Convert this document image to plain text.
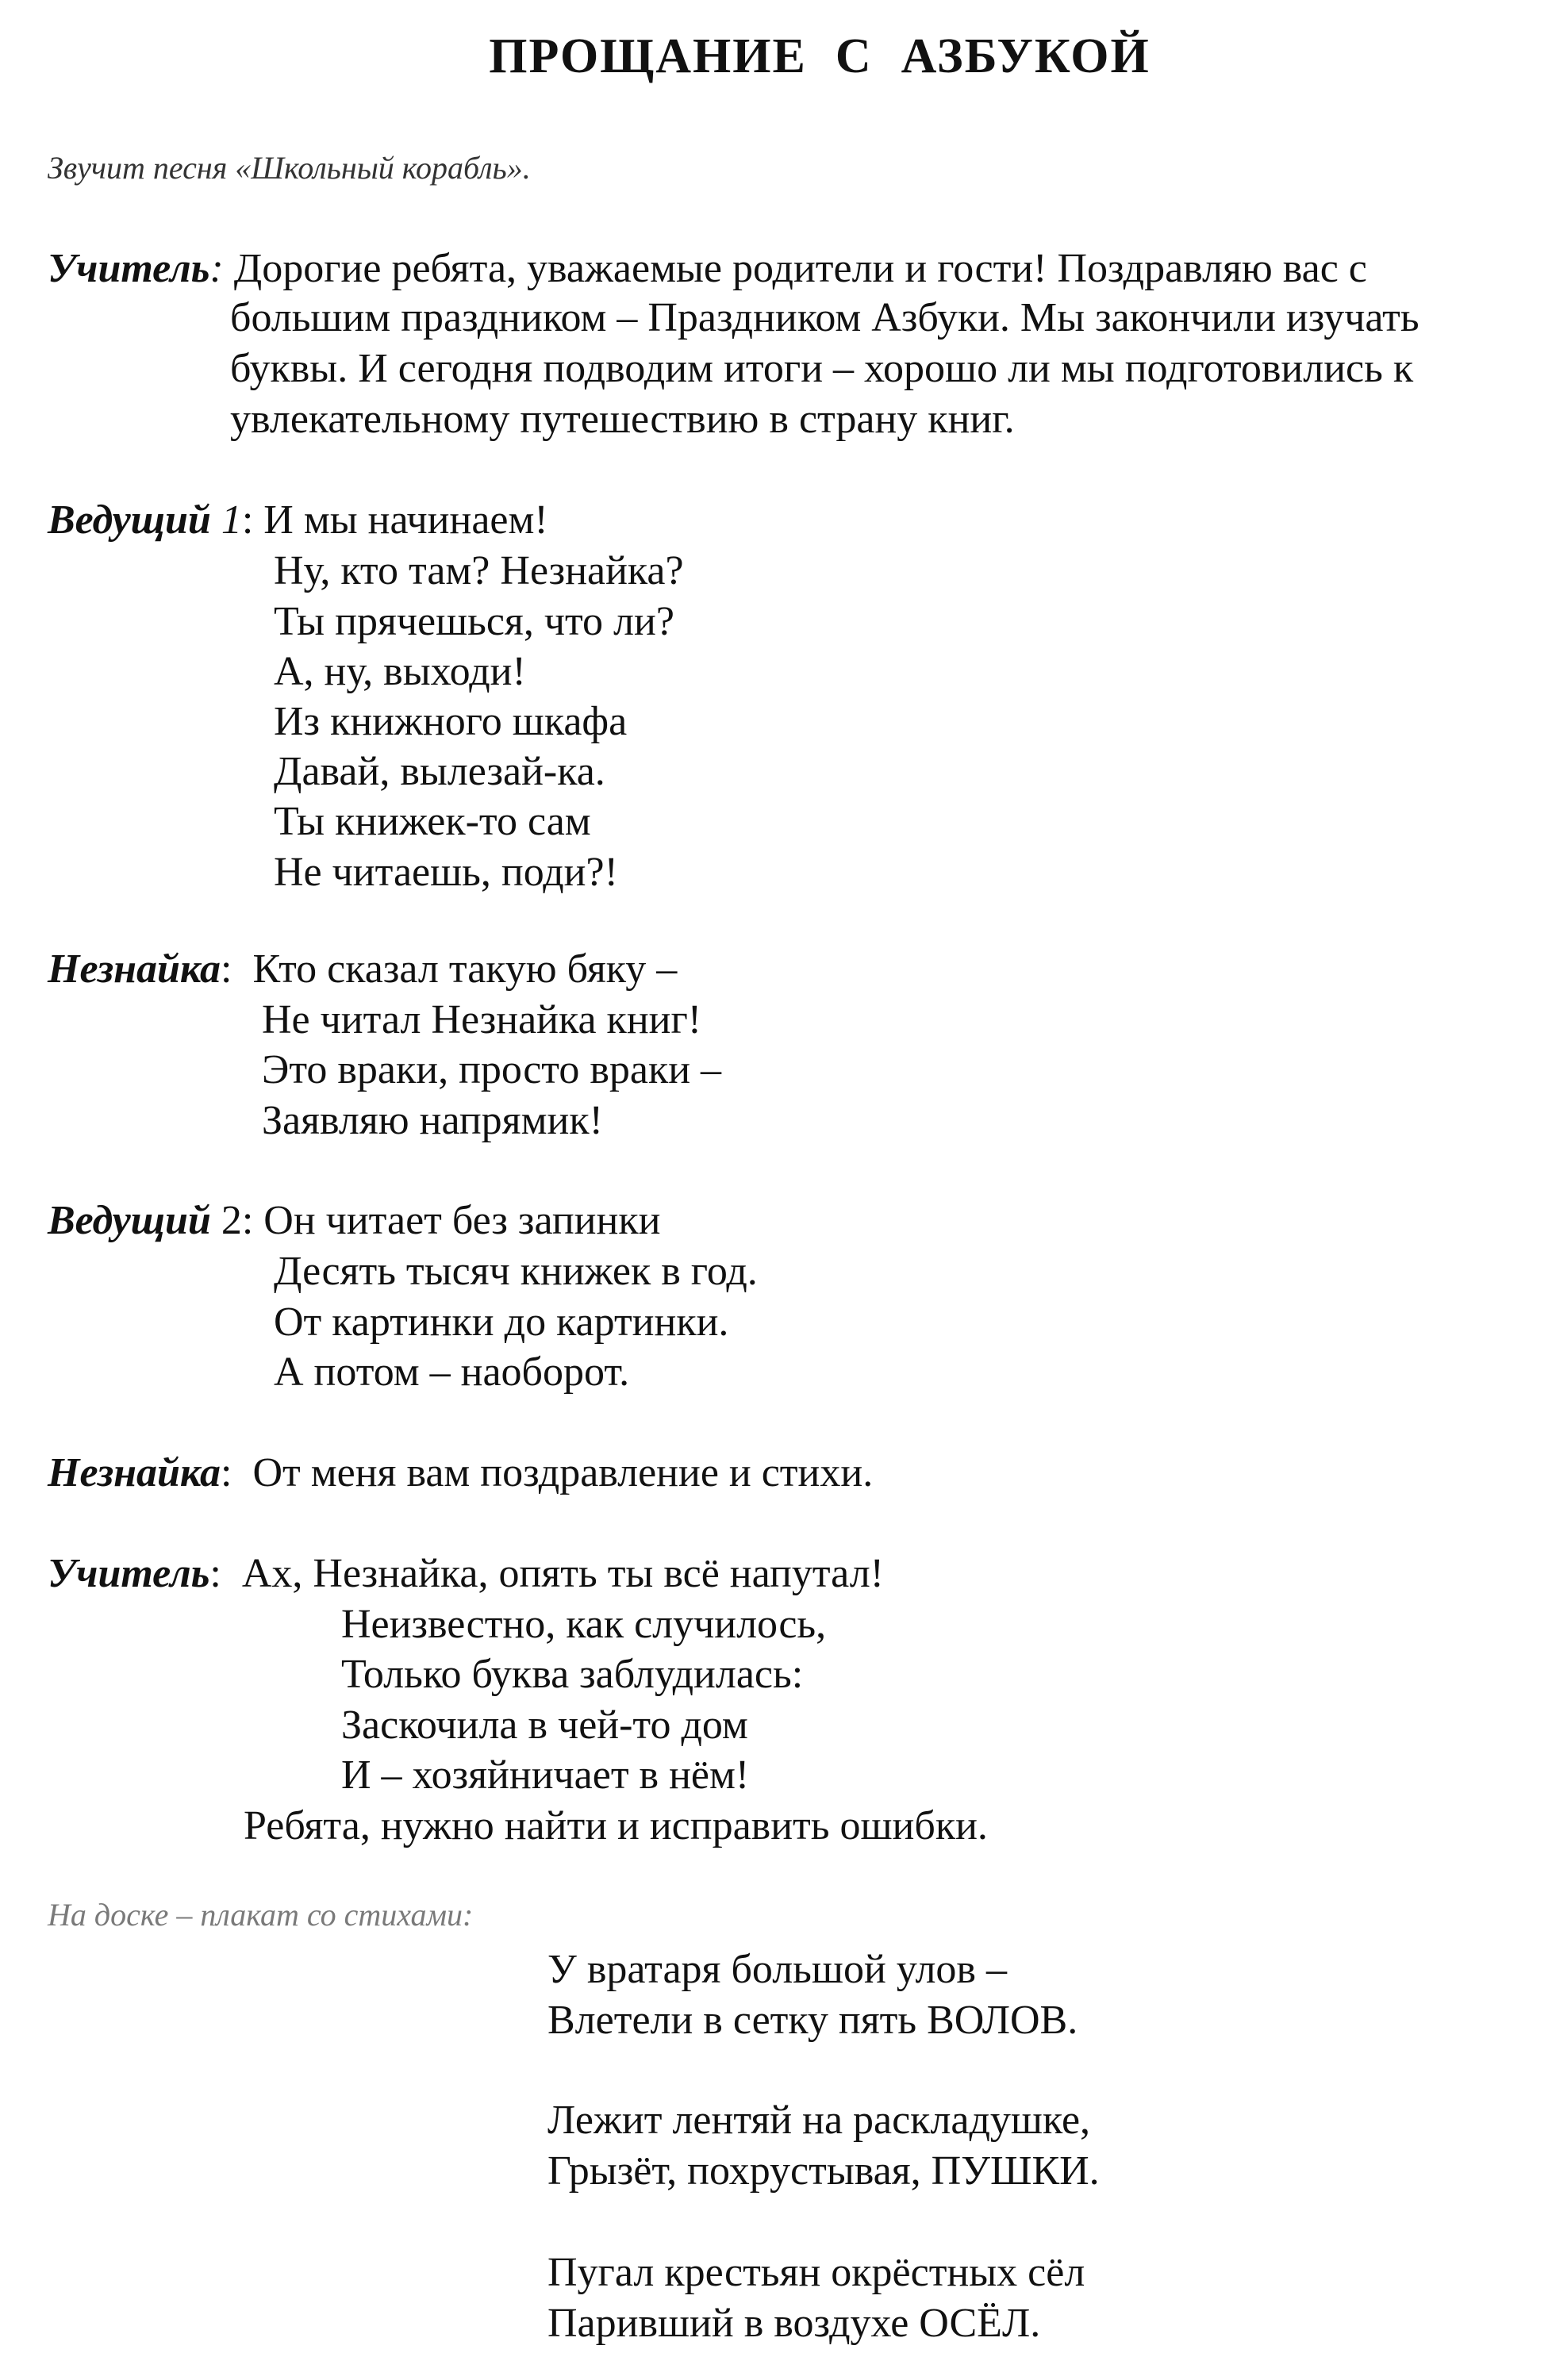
ПРОЩАНИЕ С АЗБУКОЙ
Звучит песня «Школьный корабль».
Учитель: Дорогие ребята, уважаемые родители и гости! Поздравляю вас с
большим праздником – Праздником Азбуки. Мы закончили изучать
буквы. И сегодня подводим итоги – хорошо ли мы подготовились к
увлекательному путешествию в страну книг.
Ведущий 1: И мы начинаем!
Ну, кто там? Незнайка?
Ты прячешься, что ли?
А, ну, выходи!
Из книжного шкафа
Давай, вылезай-ка.
Ты книжек-то сам
Не читаешь, поди?!
Незнайка:  Кто сказал такую бяку –
Не читал Незнайка книг!
Это враки, просто враки –
Заявляю напрямик!
Ведущий 2: Он читает без запинки
Десять тысяч книжек в год.
От картинки до картинки.
А потом – наоборот.
Незнайка:  От меня вам поздравление и стихи.
Учитель:  Ах, Незнайка, опять ты всё напутал!
Неизвестно, как случилось,
Только буква заблудилась:
Заскочила в чей-то дом
И – хозяйничает в нём!
Ребята, нужно найти и исправить ошибки.
На доске – плакат со стихами:
У вратаря большой улов –
Влетели в сетку пять ВОЛОВ.
Лежит лентяй на раскладушке,
Грызёт, похрустывая, ПУШКИ.
Пугал крестьян окрёстных сёл
Паривший в воздухе ОСЁЛ.
